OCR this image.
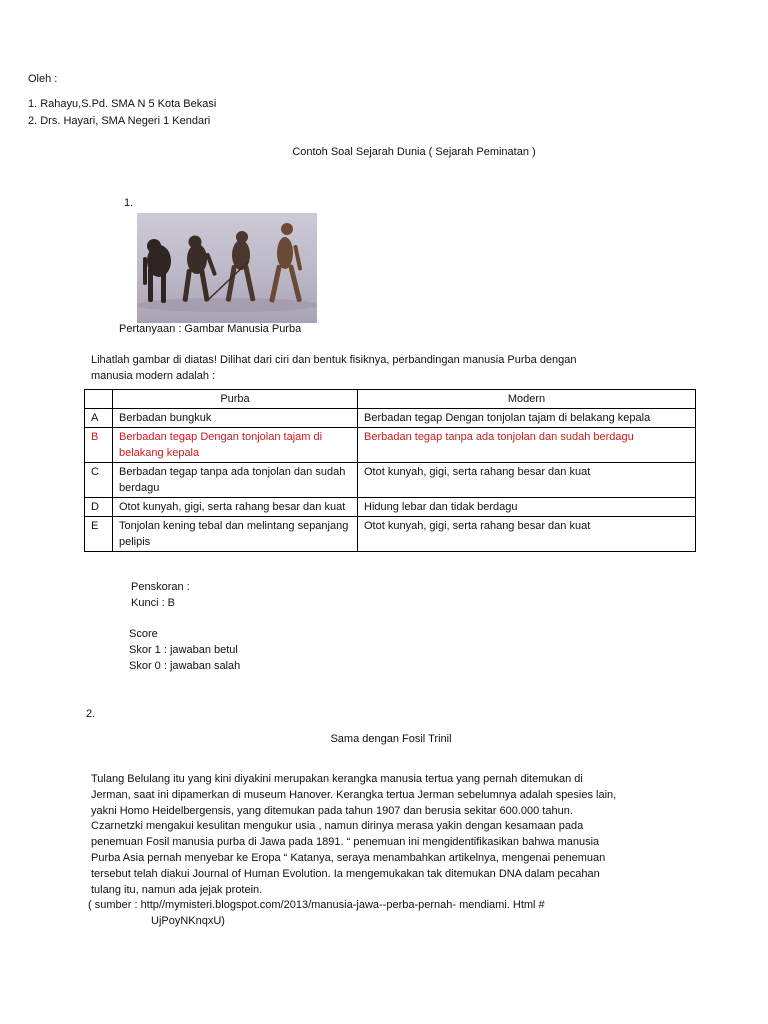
Oleh :
1. Rahayu,S.Pd. SMA N 5 Kota Bekasi
2. Drs. Hayari, SMA Negeri 1 Kendari
Contoh Soal Sejarah Dunia ( Sejarah Peminatan )
1.
Pertanyaan : Gambar Manusia Purba
Lihatlah gambar di diatas! Dilihat dari ciri dan bentuk fisiknya, perbandingan manusia Purba dengan
manusia modern adalah :
	Purba	Modern
A	Berbadan bungkuk	Berbadan tegap Dengan tonjolan tajam di belakang kepala
B	Berbadan tegap Dengan tonjolan tajam di belakang kepala	Berbadan tegap tanpa ada tonjolan dan sudah berdagu
C	Berbadan tegap tanpa ada tonjolan dan sudah berdagu	Otot kunyah, gigi, serta rahang besar dan kuat
D	Otot kunyah, gigi, serta rahang besar dan kuat	Hidung lebar dan tidak berdagu
E	Tonjolan kening tebal dan melintang sepanjang pelipis	Otot kunyah, gigi, serta rahang besar dan kuat
Penskoran :
Kunci : B
Score
Skor 1 : jawaban betul
Skor 0 : jawaban salah
2.
Sama dengan Fosil Trinil
Tulang Belulang itu yang kini diyakini merupakan kerangka manusia tertua yang pernah ditemukan di
Jerman, saat ini dipamerkan di museum Hanover. Kerangka tertua Jerman sebelumnya adalah spesies lain,
yakni Homo Heidelbergensis, yang ditemukan pada tahun 1907 dan berusia sekitar 600.000 tahun.
Czarnetzki mengakui kesulitan mengukur usia , namun dirinya merasa yakin dengan kesamaan pada
penemuan Fosil manusia purba di Jawa pada 1891. “ penemuan ini mengidentifikasikan bahwa manusia
Purba Asia pernah menyebar ke Eropa “ Katanya, seraya menambahkan artikelnya, mengenai penemuan
tersebut telah diakui Journal of Human Evolution. Ia mengemukakan tak ditemukan DNA dalam pecahan
tulang itu, namun ada jejak protein.
( sumber : http//mymisteri.blogspot.com/2013/manusia-jawa--perba-pernah- mendiami. Html #
UjPoyNKnqxU)
